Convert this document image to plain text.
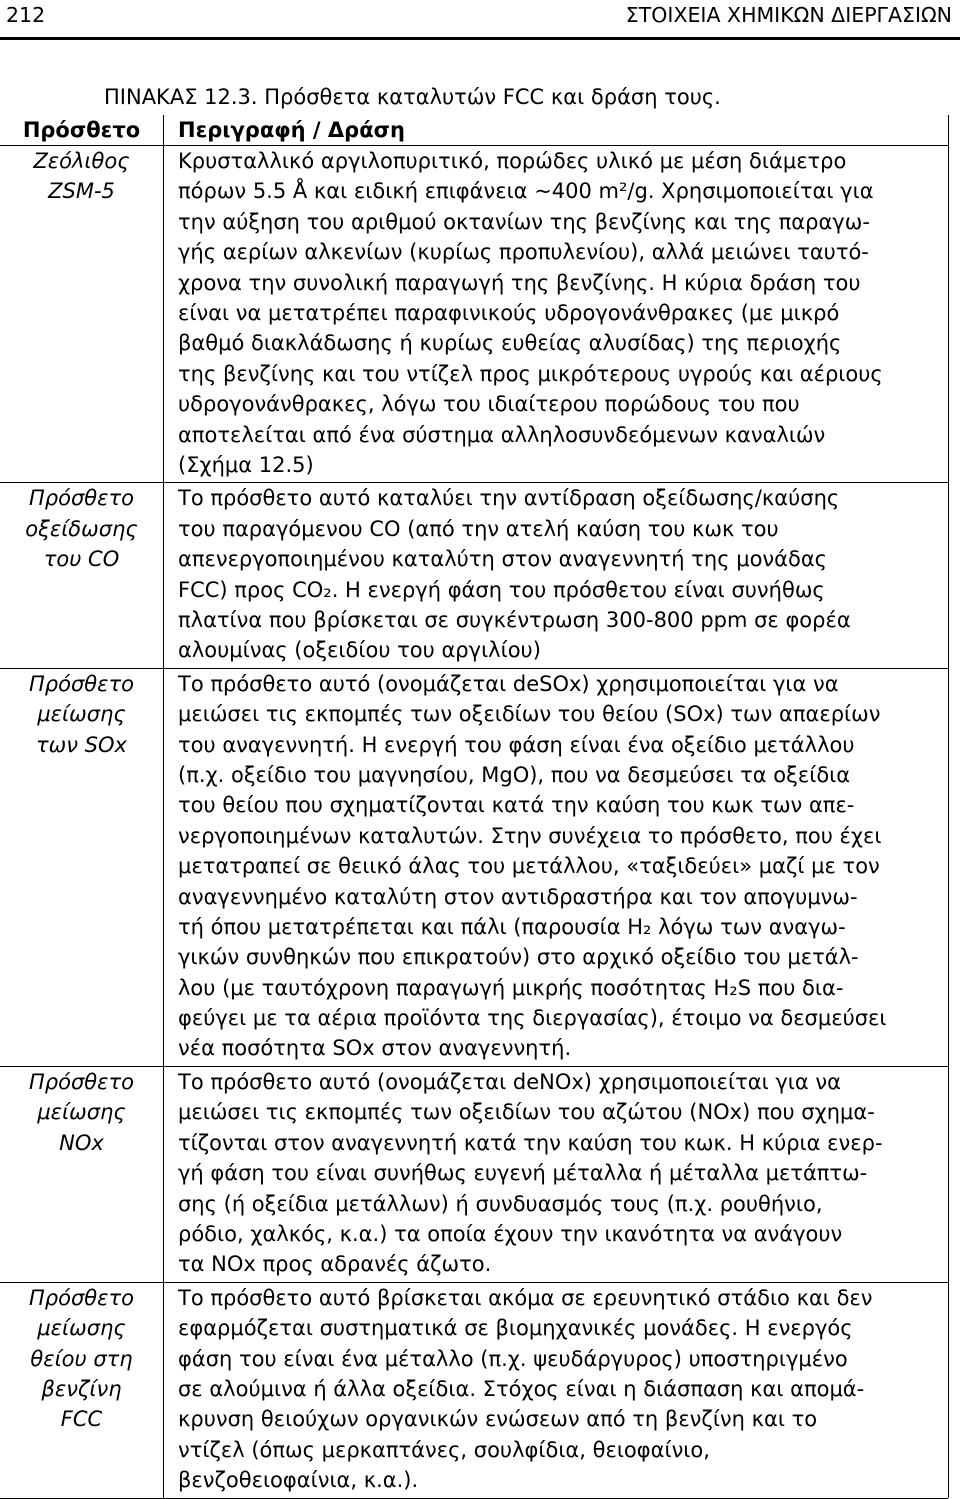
212	ΣΤΟΙΧΕΙΑ ΧΗΜΙΚΩΝ ΔΙΕΡΓΑΣΙΩΝ
ΠΙΝΑΚΑΣ 12.3. Πρόσθετα καταλυτών FCC και δράση τους.
Πρόσθετο	Περιγραφή / Δράση
Ζεόλιθος
ZSM-5
Κρυσταλλικό αργιλοπυριτικό, πορώδες υλικό με μέση διάμετρο
πόρων 5.5 Å και ειδική επιφάνεια ~400 m²/g. Χρησιμοποιείται για
την αύξηση του αριθμού οκτανίων της βενζίνης και της παραγω-
γής αερίων αλκενίων (κυρίως προπυλενίου), αλλά μειώνει ταυτό-
χρονα την συνολική παραγωγή της βενζίνης. Η κύρια δράση του
είναι να μετατρέπει παραφινικούς υδρογονάνθρακες (με μικρό
βαθμό διακλάδωσης ή κυρίως ευθείας αλυσίδας) της περιοχής
της βενζίνης και του ντίζελ προς μικρότερους υγρούς και αέριους
υδρογονάνθρακες, λόγω του ιδιαίτερου πορώδους του που
αποτελείται από ένα σύστημα αλληλοσυνδεόμενων καναλιών
(Σχήμα 12.5)
Πρόσθετο
οξείδωσης
του CO
Το πρόσθετο αυτό καταλύει την αντίδραση οξείδωσης/καύσης
του παραγόμενου CO (από την ατελή καύση του κωκ του
απενεργοποιημένου καταλύτη στον αναγεννητή της μονάδας
FCC) προς CO₂. Η ενεργή φάση του πρόσθετου είναι συνήθως
πλατίνα που βρίσκεται σε συγκέντρωση 300-800 ppm σε φορέα
αλουμίνας (οξειδίου του αργιλίου)
Πρόσθετο
μείωσης
των SOx
Το πρόσθετο αυτό (ονομάζεται deSOx) χρησιμοποιείται για να
μειώσει τις εκπομπές των οξειδίων του θείου (SOx) των απαερίων
του αναγεννητή. Η ενεργή του φάση είναι ένα οξείδιο μετάλλου
(π.χ. οξείδιο του μαγνησίου, MgO), που να δεσμεύσει τα οξείδια
του θείου που σχηματίζονται κατά την καύση του κωκ των απε-
νεργοποιημένων καταλυτών. Στην συνέχεια το πρόσθετο, που έχει
μετατραπεί σε θειικό άλας του μετάλλου, «ταξιδεύει» μαζί με τον
αναγεννημένο καταλύτη στον αντιδραστήρα και τον απογυμνω-
τή όπου μετατρέπεται και πάλι (παρουσία H₂ λόγω των αναγω-
γικών συνθηκών που επικρατούν) στο αρχικό οξείδιο του μετάλ-
λου (με ταυτόχρονη παραγωγή μικρής ποσότητας H₂S που δια-
φεύγει με τα αέρια προϊόντα της διεργασίας), έτοιμο να δεσμεύσει
νέα ποσότητα SOx στον αναγεννητή.
Πρόσθετο
μείωσης
NOx
Το πρόσθετο αυτό (ονομάζεται deNOx) χρησιμοποιείται για να
μειώσει τις εκπομπές των οξειδίων του αζώτου (NOx) που σχημα-
τίζονται στον αναγεννητή κατά την καύση του κωκ. Η κύρια ενερ-
γή φάση του είναι συνήθως ευγενή μέταλλα ή μέταλλα μετάπτω-
σης (ή οξείδια μετάλλων) ή συνδυασμός τους (π.χ. ρουθήνιο,
ρόδιο, χαλκός, κ.α.) τα οποία έχουν την ικανότητα να ανάγουν
τα NOx προς αδρανές άζωτο.
Πρόσθετο
μείωσης
θείου στη
βενζίνη
FCC
Το πρόσθετο αυτό βρίσκεται ακόμα σε ερευνητικό στάδιο και δεν
εφαρμόζεται συστηματικά σε βιομηχανικές μονάδες. Η ενεργός
φάση του είναι ένα μέταλλο (π.χ. ψευδάργυρος) υποστηριγμένο
σε αλούμινα ή άλλα οξείδια. Στόχος είναι η διάσπαση και απομά-
κρυνση θειούχων οργανικών ενώσεων από τη βενζίνη και το
ντίζελ (όπως μερκαπτάνες, σουλφίδια, θειοφαίνιο,
βενζοθειοφαίνια, κ.α.).
